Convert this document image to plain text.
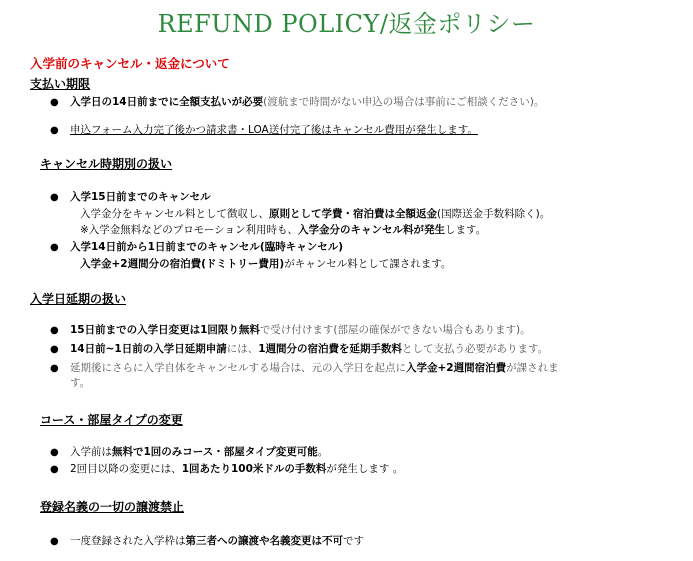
REFUND POLICY/返金ポリシー
入学前のキャンセル・返金について
支払い期限
● 入学日の14日前までに全額支払いが必要(渡航まで時間がない申込の場合は事前にご相談ください)。
● 申込フォーム入力完了後かつ請求書・LOA送付完了後はキャンセル費用が発生します。
キャンセル時期別の扱い
● 入学15日前までのキャンセル
入学金分をキャンセル料として徴収し、原則として学費・宿泊費は全額返金(国際送金手数料除く)。
※入学金無料などのプロモーション利用時も、入学金分のキャンセル料が発生します。
● 入学14日前から1日前までのキャンセル(臨時キャンセル)
入学金+2週間分の宿泊費(ドミトリー費用)がキャンセル料として課されます。
入学日延期の扱い
● 15日前までの入学日変更は1回限り無料で受け付けます(部屋の確保ができない場合もあります)。
● 14日前~1日前の入学日延期申請には、1週間分の宿泊費を延期手数料として支払う必要があります。
● 延期後にさらに入学自体をキャンセルする場合は、元の入学日を起点に入学金+2週間宿泊費が課されま
す。
コース・部屋タイプの変更
● 入学前は無料で1回のみコース・部屋タイプ変更可能。
● 2回目以降の変更には、1回あたり100米ドルの手数料が発生します 。
登録名義の一切の譲渡禁止
● 一度登録された入学枠は第三者への譲渡や名義変更は不可です
